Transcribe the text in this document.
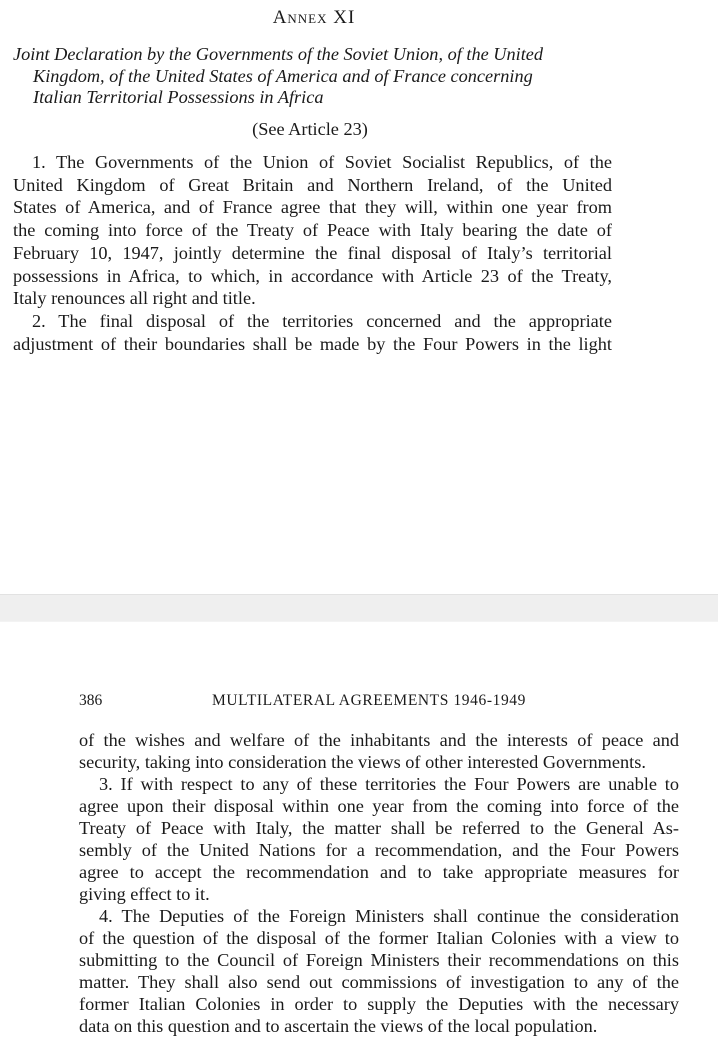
Annex XI
Joint Declaration by the Governments of the Soviet Union, of the United
Kingdom, of the United States of America and of France concerning
Italian Territorial Possessions in Africa
(See Article 23)
1. The Governments of the Union of Soviet Socialist Republics, of the
United Kingdom of Great Britain and Northern Ireland, of the United
States of America, and of France agree that they will, within one year from
the coming into force of the Treaty of Peace with Italy bearing the date of
February 10, 1947, jointly determine the final disposal of Italy’s territorial
possessions in Africa, to which, in accordance with Article 23 of the Treaty,
Italy renounces all right and title.
2. The final disposal of the territories concerned and the appropriate
adjustment of their boundaries shall be made by the Four Powers in the light
386	MULTILATERAL AGREEMENTS 1946-1949
of the wishes and welfare of the inhabitants and the interests of peace and
security, taking into consideration the views of other interested Governments.
3. If with respect to any of these territories the Four Powers are unable to
agree upon their disposal within one year from the coming into force of the
Treaty of Peace with Italy, the matter shall be referred to the General As-
sembly of the United Nations for a recommendation, and the Four Powers
agree to accept the recommendation and to take appropriate measures for
giving effect to it.
4. The Deputies of the Foreign Ministers shall continue the consideration
of the question of the disposal of the former Italian Colonies with a view to
submitting to the Council of Foreign Ministers their recommendations on this
matter. They shall also send out commissions of investigation to any of the
former Italian Colonies in order to supply the Deputies with the necessary
data on this question and to ascertain the views of the local population.
